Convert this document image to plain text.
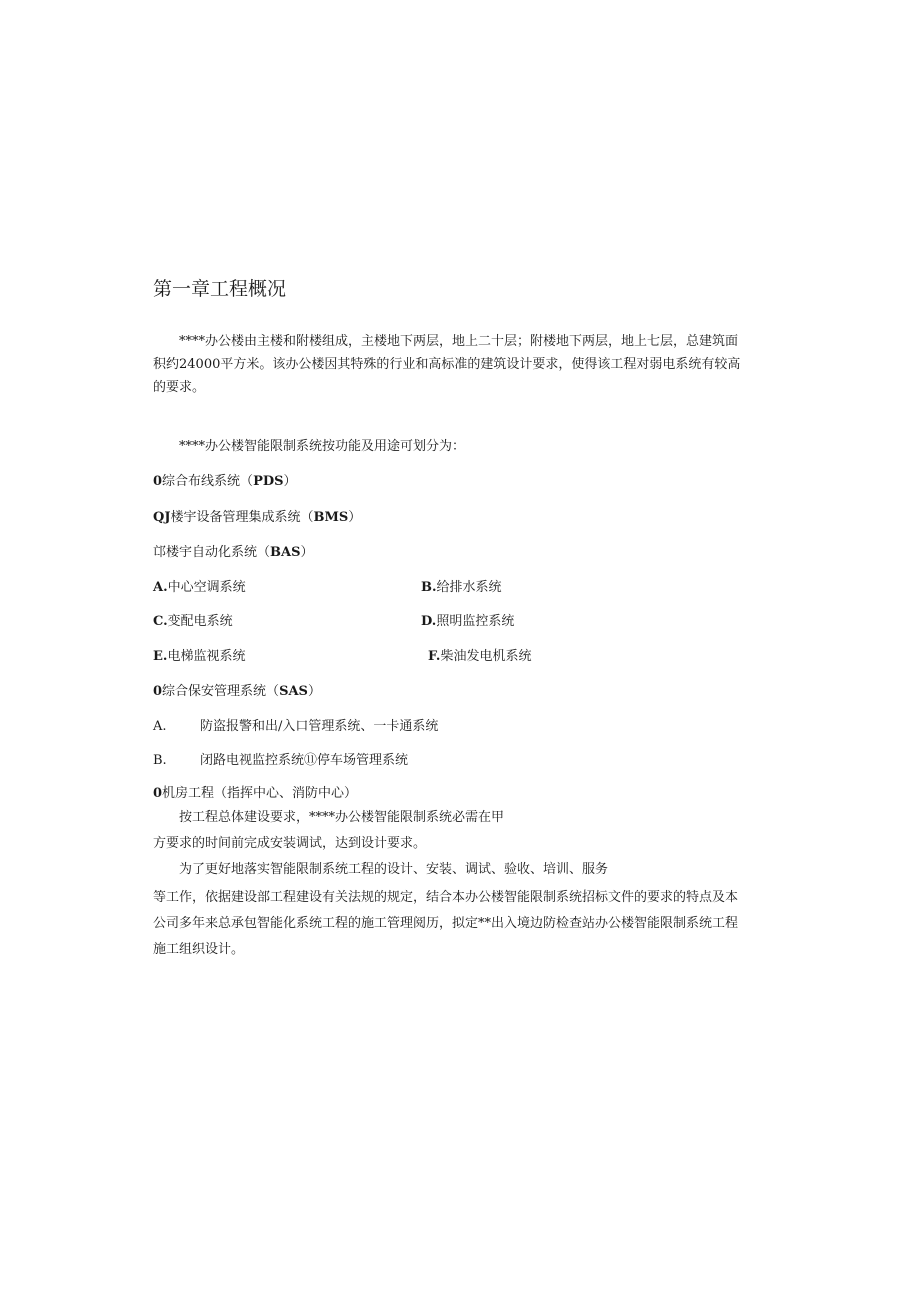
第一章工程概况
****办公楼由主楼和附楼组成，主楼地下两层，地上二十层；附楼地下两层，地上七层，总建筑面积约24000平方米。该办公楼因其特殊的行业和高标准的建筑设计要求，使得该工程对弱电系统有较高的要求。
****办公楼智能限制系统按功能及用途可划分为：
0综合布线系统（PDS）
QJ楼宇设备管理集成系统（BMS）
邙楼宇自动化系统（BAS）
A.中心空调系统	B.给排水系统
C.变配电系统	D.照明监控系统
E.电梯监视系统	F.柴油发电机系统
0综合保安管理系统（SAS）
A.	防盗报警和出/入口管理系统、一卡通系统
B.	闭路电视监控系统⑪停车场管理系统
0机房工程（指挥中心、消防中心）
按工程总体建设要求，****办公楼智能限制系统必需在甲
方要求的时间前完成安装调试，达到设计要求。
为了更好地落实智能限制系统工程的设计、安装、调试、验收、培训、服务
等工作，依据建设部工程建设有关法规的规定，结合本办公楼智能限制系统招标文件的要求的特点及本公司多年来总承包智能化系统工程的施工管理阅历，拟定**出入境边防检查站办公楼智能限制系统工程施工组织设计。
